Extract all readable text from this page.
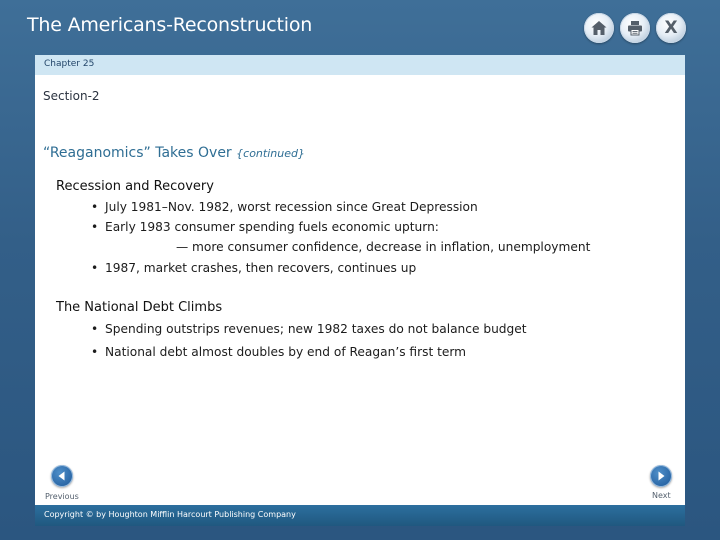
The Americans-Reconstruction	X
Chapter 25
Section-2
“Reaganomics” Takes Over {continued}
Recession and Recovery
• July 1981–Nov. 1982, worst recession since Great Depression
• Early 1983 consumer spending fuels economic upturn:
— more consumer confidence, decrease in inflation, unemployment
• 1987, market crashes, then recovers, continues up
The National Debt Climbs
• Spending outstrips revenues; new 1982 taxes do not balance budget
• National debt almost doubles by end of Reagan’s first term
Previous	Next
Copyright © by Houghton Mifflin Harcourt Publishing Company
